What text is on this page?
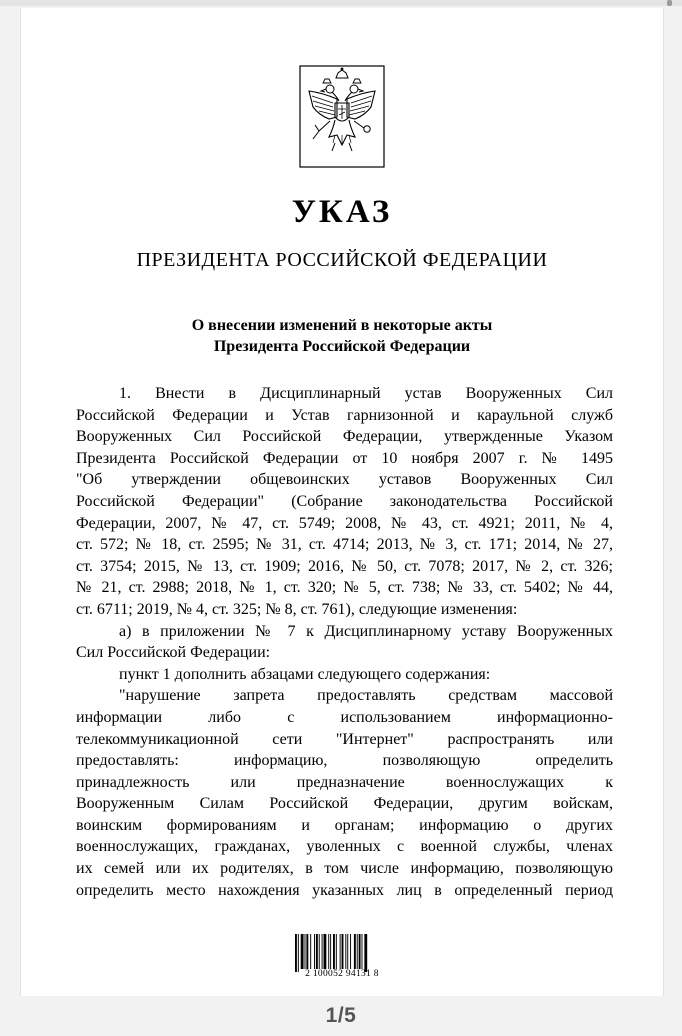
УКАЗ
ПРЕЗИДЕНТА РОССИЙСКОЙ ФЕДЕРАЦИИ
О внесении изменений в некоторые акты
Президента Российской Федерации

1. Внести в Дисциплинарный устав Вооруженных Сил

Российской Федерации и Устав гарнизонной и караульной служб

Вооруженных Сил Российской Федерации, утвержденные Указом

Президента Российской Федерации от 10 ноября 2007 г. № 1495

"Об утверждении общевоинских уставов Вооруженных Сил

Российской Федерации" (Собрание законодательства Российской

Федерации, 2007, № 47, ст. 5749; 2008, № 43, ст. 4921; 2011, № 4,

ст. 572; № 18, ст. 2595; № 31, ст. 4714; 2013, № 3, ст. 171; 2014, № 27,

ст. 3754; 2015, № 13, ст. 1909; 2016, № 50, ст. 7078; 2017, № 2, ст. 326;

№ 21, ст. 2988; 2018, № 1, ст. 320; № 5, ст. 738; № 33, ст. 5402; № 44,

ст. 6711; 2019, № 4, ст. 325; № 8, ст. 761), следующие изменения:

а) в приложении № 7 к Дисциплинарному уставу Вооруженных

Сил Российской Федерации:

пункт 1 дополнить абзацами следующего содержания:

"нарушение запрета предоставлять средствам массовой

информации либо с использованием информационно-

телекоммуникационной сети "Интернет" распространять или

предоставлять: информацию, позволяющую определить

принадлежность или предназначение военнослужащих к

Вооруженным Силам Российской Федерации, другим войскам,

воинским формированиям и органам; информацию о других

военнослужащих, гражданах, уволенных с военной службы, членах

их семей или их родителях, в том числе информацию, позволяющую

определить место нахождения указанных лиц в определенный период

2 100052 94131 8
1/5
